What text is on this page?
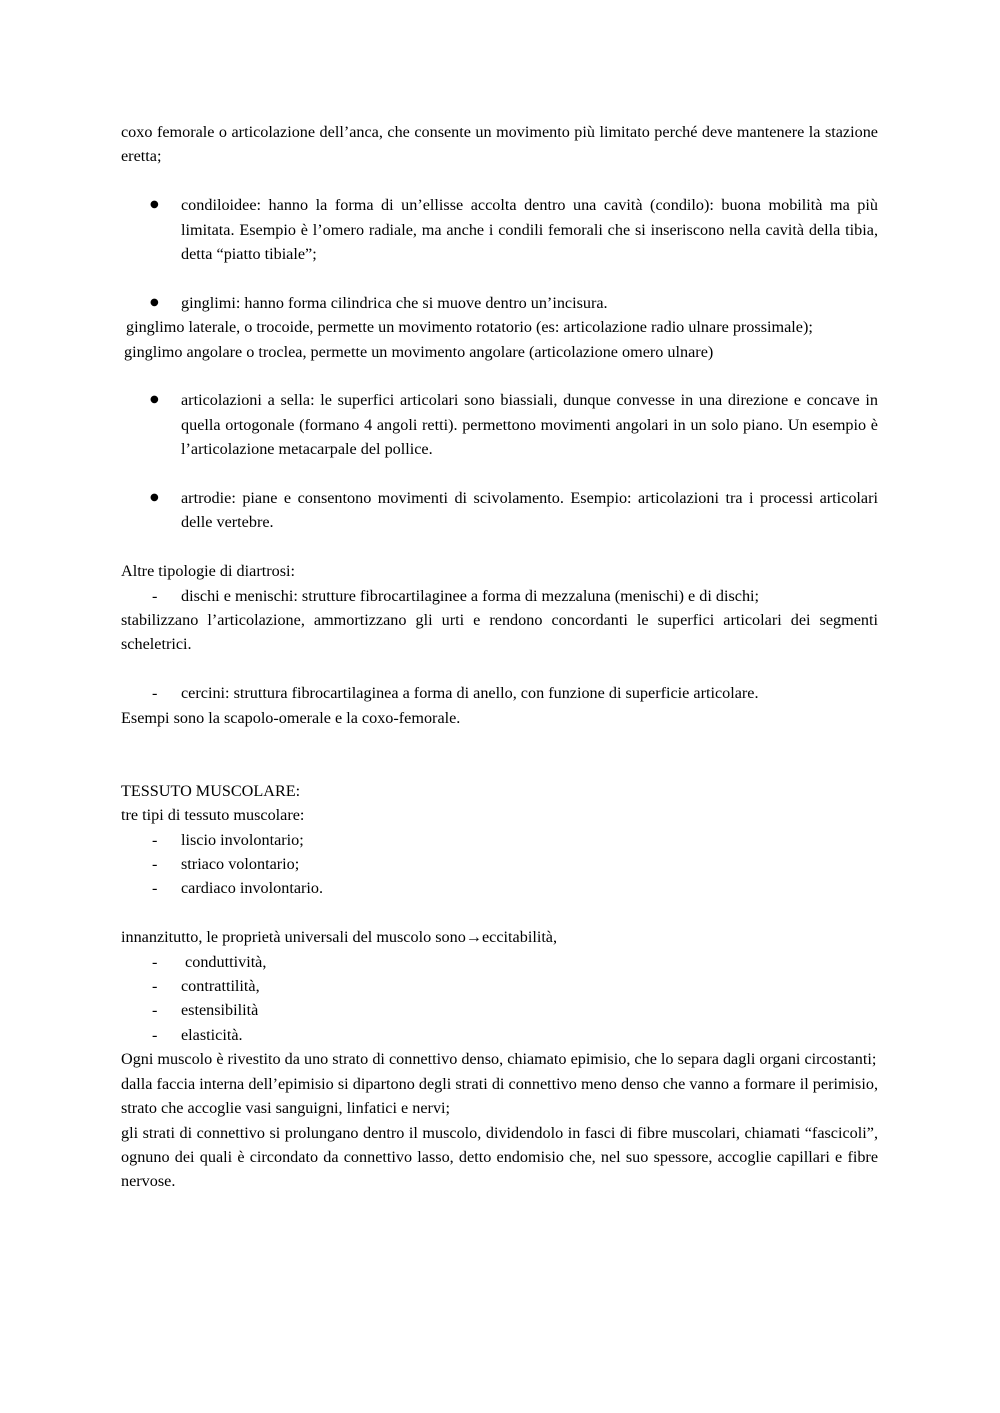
coxo femorale o articolazione dell’anca, che consente un movimento più limitato perché deve mantenere la stazione eretta;

● condiloidee: hanno la forma di un’ellisse accolta dentro una cavità (condilo): buona mobilità ma più limitata. Esempio è l’omero radiale, ma anche i condili femorali che si inseriscono nella cavità della tibia, detta “piatto tibiale”;
● ginglimi: hanno forma cilindrica che si muove dentro un’incisura.

ginglimo laterale, o trocoide, permette un movimento rotatorio (es: articolazione radio ulnare prossimale);

ginglimo angolare o troclea, permette un movimento angolare (articolazione omero ulnare)

● articolazioni a sella: le superfici articolari sono biassiali, dunque convesse in una direzione e concave in quella ortogonale (formano 4 angoli retti). permettono movimenti angolari in un solo piano. Un esempio è l’articolazione metacarpale del pollice.
● artrodie: piane e consentono movimenti di scivolamento. Esempio: articolazioni tra i processi articolari delle vertebre.

Altre tipologie di diartrosi:

- dischi e menischi: strutture fibrocartilaginee a forma di mezzaluna (menischi) e di dischi;

stabilizzano l’articolazione, ammortizzano gli urti e rendono concordanti le superfici articolari dei segmenti scheletrici.

- cercini: struttura fibrocartilaginea a forma di anello, con funzione di superficie articolare.

Esempi sono la scapolo-omerale e la coxo-femorale.

TESSUTO MUSCOLARE:

tre tipi di tessuto muscolare:

- liscio involontario;
- striaco volontario;
- cardiaco involontario.

innanzitutto, le proprietà universali del muscolo sono→eccitabilità,

- conduttività,
- contrattilità,
- estensibilità
- elasticità.

Ogni muscolo è rivestito da uno strato di connettivo denso, chiamato epimisio, che lo separa dagli organi circostanti;

dalla faccia interna dell’epimisio si dipartono degli strati di connettivo meno denso che vanno a formare il perimisio, strato che accoglie vasi sanguigni, linfatici e nervi;

gli strati di connettivo si prolungano dentro il muscolo, dividendolo in fasci di fibre muscolari, chiamati “fascicoli”, ognuno dei quali è circondato da connettivo lasso, detto endomisio che, nel suo spessore, accoglie capillari e fibre nervose.
